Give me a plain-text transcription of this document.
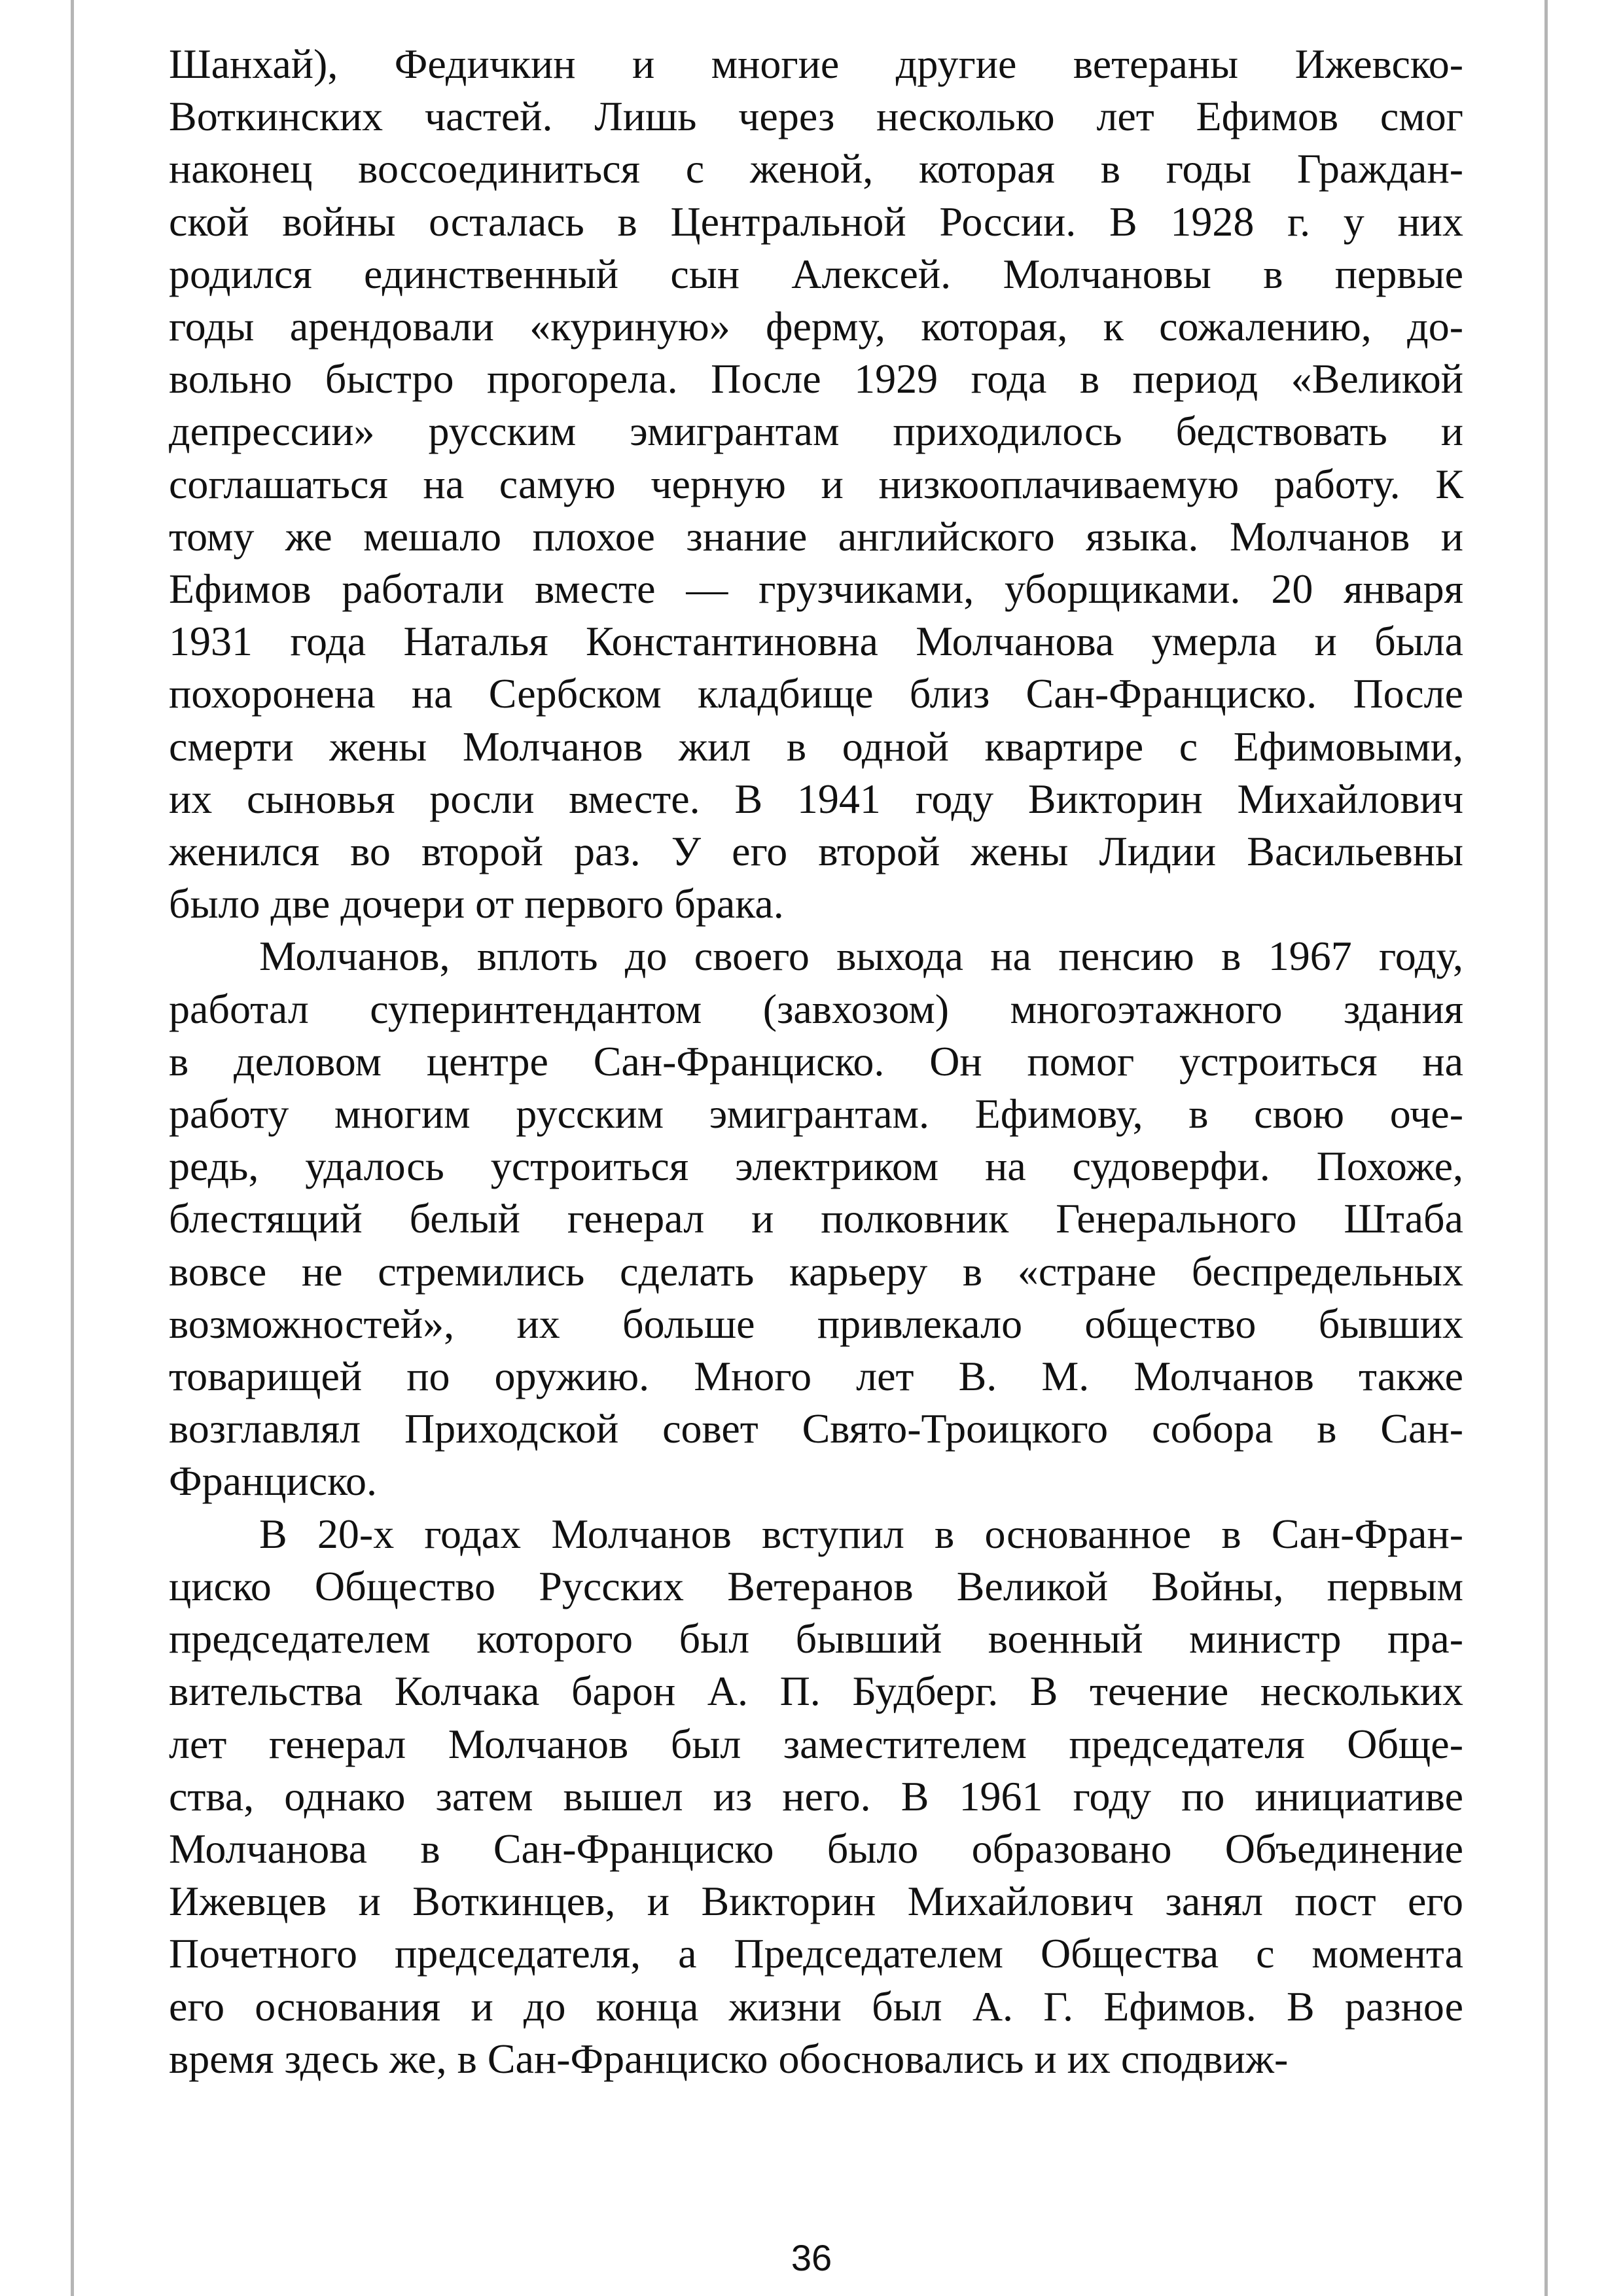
Шанхай), Федичкин и многие другие ветераны Ижевско-
Воткинских частей. Лишь через несколько лет Ефимов смог
наконец воссоединиться с женой, которая в годы Граждан-
ской войны осталась в Центральной России. В 1928 г. у них
родился единственный сын Алексей. Молчановы в первые
годы арендовали «куриную» ферму, которая, к сожалению, до-
вольно быстро прогорела. После 1929 года в период «Великой
депрессии» русским эмигрантам приходилось бедствовать и
соглашаться на самую черную и низкооплачиваемую работу. К
тому же мешало плохое знание английского языка. Молчанов и
Ефимов работали вместе — грузчиками, уборщиками. 20 января
1931 года Наталья Константиновна Молчанова умерла и была
похоронена на Сербском кладбище близ Сан-Франциско. После
смерти жены Молчанов жил в одной квартире с Ефимовыми,
их сыновья росли вместе. В 1941 году Викторин Михайлович
женился во второй раз. У его второй жены Лидии Васильевны
было две дочери от первого брака.
Молчанов, вплоть до своего выхода на пенсию в 1967 году,
работал суперинтендантом (завхозом) многоэтажного здания
в деловом центре Сан-Франциско. Он помог устроиться на
работу многим русским эмигрантам. Ефимову, в свою оче-
редь, удалось устроиться электриком на судоверфи. Похоже,
блестящий белый генерал и полковник Генерального Штаба
вовсе не стремились сделать карьеру в «стране беспредельных
возможностей», их больше привлекало общество бывших
товарищей по оружию. Много лет В. М. Молчанов также
возглавлял Приходской совет Свято-Троицкого собора в Сан-
Франциско.
В 20-х годах Молчанов вступил в основанное в Сан-Фран-
циско Общество Русских Ветеранов Великой Войны, первым
председателем которого был бывший военный министр пра-
вительства Колчака барон А. П. Будберг. В течение нескольких
лет генерал Молчанов был заместителем председателя Обще-
ства, однако затем вышел из него. В 1961 году по инициативе
Молчанова в Сан-Франциско было образовано Объединение
Ижевцев и Воткинцев, и Викторин Михайлович занял пост его
Почетного председателя, а Председателем Общества с момента
его основания и до конца жизни был А. Г. Ефимов. В разное
время здесь же, в Сан-Франциско обосновались и их сподвиж-
36
